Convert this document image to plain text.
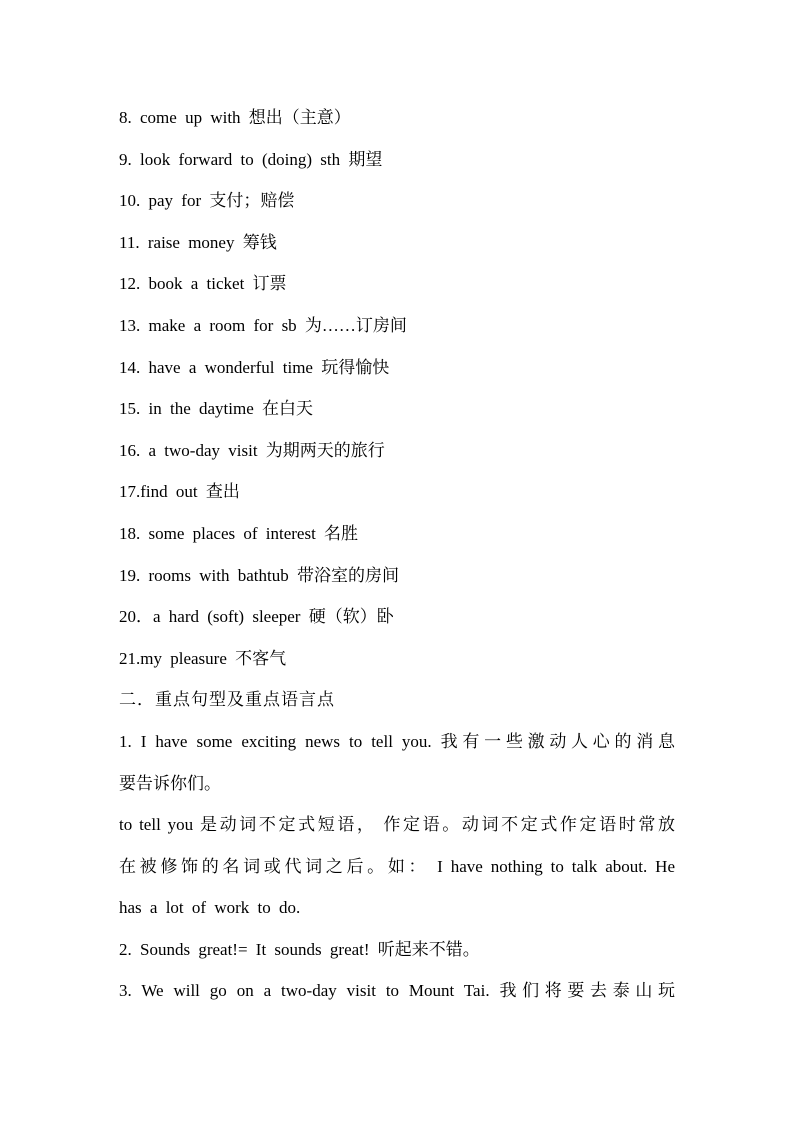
8. come up with 想出（主意）
9. look forward to (doing) sth 期望
10. pay for 支付；赔偿
11. raise money 筹钱
12. book a ticket 订票
13. make a room for sb 为……订房间
14. have a wonderful time 玩得愉快
15. in the daytime 在白天
16. a two-day visit 为期两天的旅行
17.find out 查出
18. some places of interest 名胜
19. rooms with bathtub 带浴室的房间
20．a hard (soft) sleeper 硬（软）卧
21.my pleasure 不客气
二．重点句型及重点语言点
1. I have some exciting news to tell you. 我有一些激动人心的消息
要告诉你们。
to tell you 是动词不定式短语， 作定语。动词不定式作定语时常放
在被修饰的名词或代词之后。如： I have nothing to talk about. He
has a lot of work to do.
2. Sounds great!= It sounds great! 听起来不错。
3. We will go on a two-day visit to Mount Tai. 我们将要去泰山玩
